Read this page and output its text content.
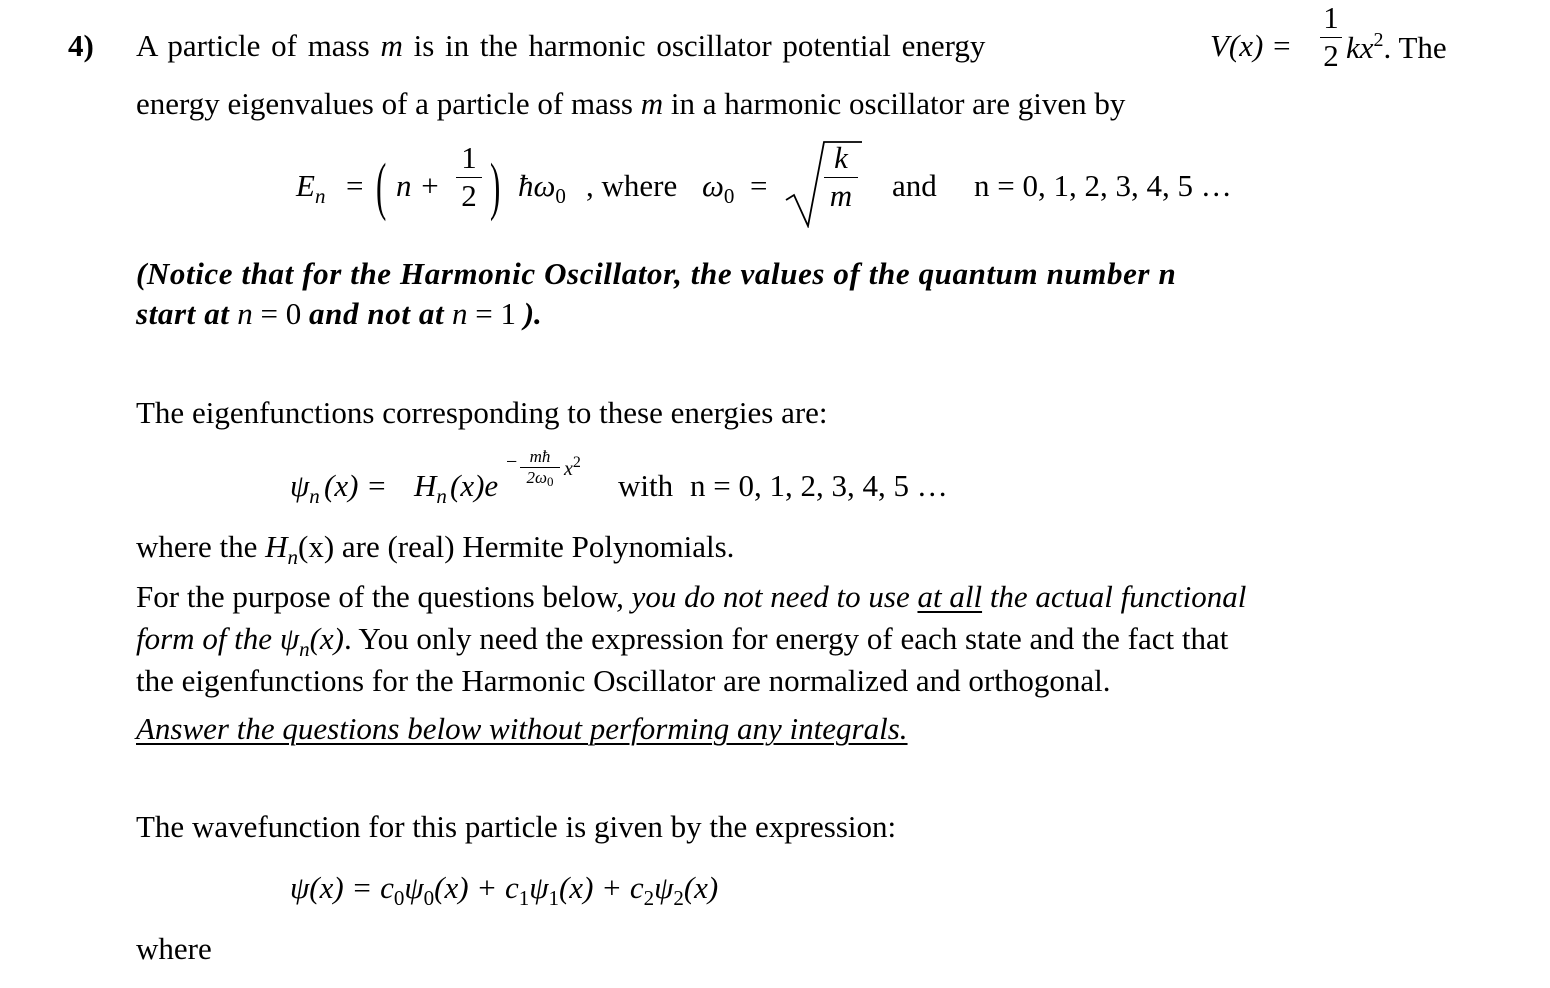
4) A particle of mass m is in the harmonic oscillator potential energy	V(x) =
1
2 $kx^2$. The
energy eigenvalues of a particle of mass m in a harmonic oscillator are given by
$E_n$ = ( n +
1
2 ) $ħ\omega_0$ , where $\omega_0$ =
k
m and n = 0, 1, 2, 3, 4, 5 …
(Notice that for the Harmonic Oscillator, the values of the quantum number n
start at n = 0 and not at n = 1 ).
The eigenfunctions corresponding to these energies are:
$\psi_n$ $(x) = H_n$ (x)e
− mħ
2ω0
$x^2$
with n = 0, 1, 2, 3, 4, 5 …
where the $H_n(x)$ are (real) Hermite Polynomials.
For the purpose of the questions below, you do not need to use at all the actual functional
form of the $\psi_n(x)$. You only need the expression for energy of each state and the fact that
the eigenfunctions for the Harmonic Oscillator are normalized and orthogonal.
Answer the questions below without performing any integrals.
The wavefunction for this particle is given by the expression:
$\psi(x) = c_0\psi_0(x) + c_1\psi_1(x) + c_2\psi_2(x)$
where
